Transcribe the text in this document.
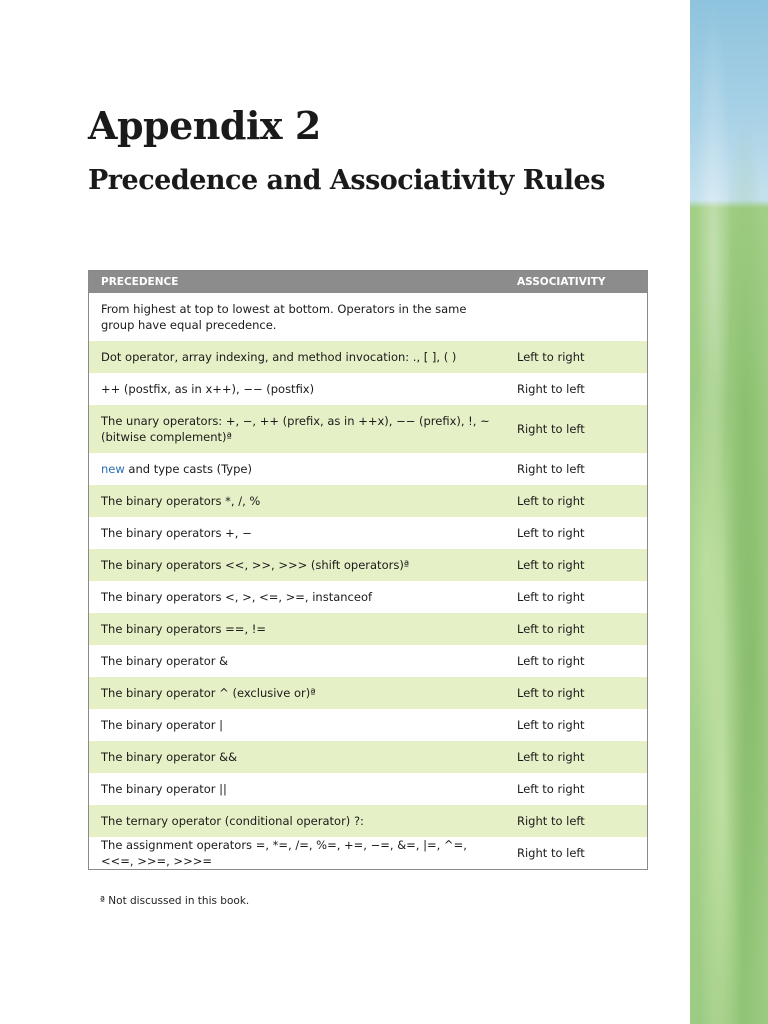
Appendix 2
Precedence and Associativity Rules
PRECEDENCE	ASSOCIATIVITY
From highest at top to lowest at bottom. Operators in the same group have equal precedence.	
Dot operator, array indexing, and method invocation: ., [ ], ( )	Left to right
++ (postfix, as in x++), −− (postfix)	Right to left
The unary operators: +, −, ++ (prefix, as in ++x), −− (prefix), !, ~ (bitwise complement)ª	Right to left
new and type casts (Type)	Right to left
The binary operators *, /, %	Left to right
The binary operators +, −	Left to right
The binary operators <<, >>, >>> (shift operators)ª	Left to right
The binary operators <, >, <=, >=, instanceof	Left to right
The binary operators ==, !=	Left to right
The binary operator &	Left to right
The binary operator ^ (exclusive or)ª	Left to right
The binary operator |	Left to right
The binary operator &&	Left to right
The binary operator ||	Left to right
The ternary operator (conditional operator) ?:	Right to left
The assignment operators =, *=, /=, %=, +=, −=, &=, |=, ^=, <<=, >>=, >>>=	Right to left

ª Not discussed in this book.
